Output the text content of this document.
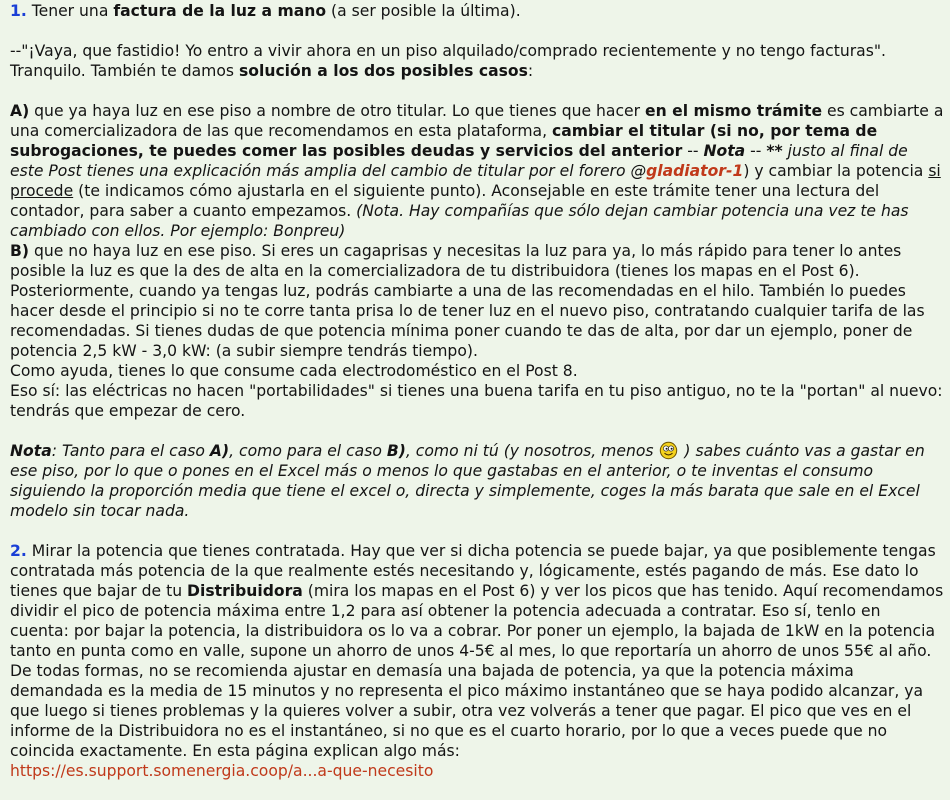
1. Tener una factura de la luz a mano (a ser posible la última).

--"¡Vaya, que fastidio! Yo entro a vivir ahora en un piso alquilado/comprado recientemente y no tengo facturas". Tranquilo. También te damos solución a los dos posibles casos:

A) que ya haya luz en ese piso a nombre de otro titular. Lo que tienes que hacer en el mismo trámite es cambiarte a una comercializadora de las que recomendamos en esta plataforma, cambiar el titular (si no, por tema de subrogaciones, te puedes comer las posibles deudas y servicios del anterior -- Nota -- ** justo al final de este Post tienes una explicación más amplia del cambio de titular por el forero @gladiator-1) y cambiar la potencia si procede (te indicamos cómo ajustarla en el siguiente punto). Aconsejable en este trámite tener una lectura del contador, para saber a cuanto empezamos. (Nota. Hay compañías que sólo dejan cambiar potencia una vez te has cambiado con ellos. Por ejemplo: Bonpreu)

B) que no haya luz en ese piso. Si eres un cagaprisas y necesitas la luz para ya, lo más rápido para tener lo antes posible la luz es que la des de alta en la comercializadora de tu distribuidora (tienes los mapas en el Post 6). Posteriormente, cuando ya tengas luz, podrás cambiarte a una de las recomendadas en el hilo. También lo puedes hacer desde el principio si no te corre tanta prisa lo de tener luz en el nuevo piso, contratando cualquier tarifa de las recomendadas. Si tienes dudas de que potencia mínima poner cuando te das de alta, por dar un ejemplo, poner de potencia 2,5 kW - 3,0 kW: (a subir siempre tendrás tiempo).

Como ayuda, tienes lo que consume cada electrodoméstico en el Post 8.

Eso sí: las eléctricas no hacen "portabilidades" si tienes una buena tarifa en tu piso antiguo, no te la "portan" al nuevo: tendrás que empezar de cero.

Nota: Tanto para el caso A), como para el caso B), como ni tú (y nosotros, menos
) sabes cuánto vas a gastar en ese piso, por lo que o pones en el Excel más o menos lo que gastabas en el anterior, o te inventas el consumo siguiendo la proporción media que tiene el excel o, directa y simplemente, coges la más barata que sale en el Excel modelo sin tocar nada.

2. Mirar la potencia que tienes contratada. Hay que ver si dicha potencia se puede bajar, ya que posiblemente tengas contratada más potencia de la que realmente estés necesitando y, lógicamente, estés pagando de más. Ese dato lo tienes que bajar de tu Distribuidora (mira los mapas en el Post 6) y ver los picos que has tenido. Aquí recomendamos dividir el pico de potencia máxima entre 1,2 para así obtener la potencia adecuada a contratar. Eso sí, tenlo en cuenta: por bajar la potencia, la distribuidora os lo va a cobrar. Por poner un ejemplo, la bajada de 1kW en la potencia tanto en punta como en valle, supone un ahorro de unos 4-5€ al mes, lo que reportaría un ahorro de unos 55€ al año. De todas formas, no se recomienda ajustar en demasía una bajada de potencia, ya que la potencia máxima demandada es la media de 15 minutos y no representa el pico máximo instantáneo que se haya podido alcanzar, ya que luego si tienes problemas y la quieres volver a subir, otra vez volverás a tener que pagar. El pico que ves en el informe de la Distribuidora no es el instantáneo, si no que es el cuarto horario, por lo que a veces puede que no coincida exactamente. En esta página explican algo más:

https://es.support.somenergia.coop/a...a-que-necesito
